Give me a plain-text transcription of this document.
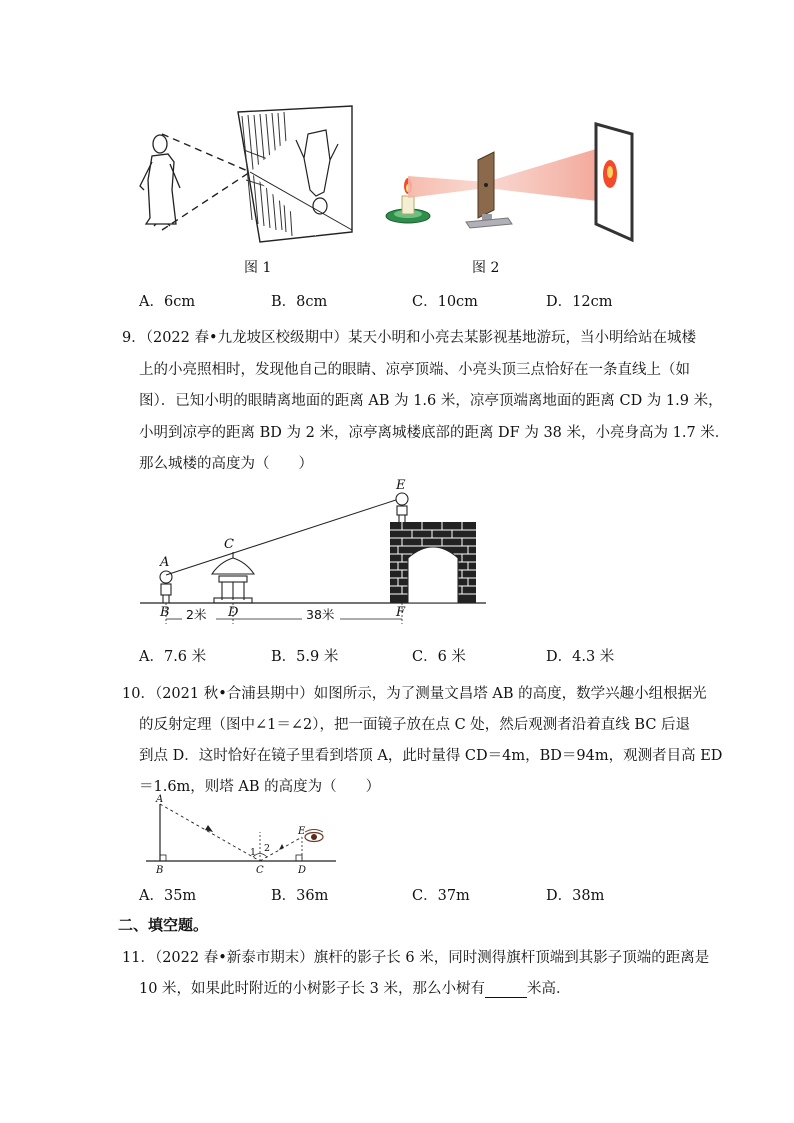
图 1	图 2
A．6cm	B．8cm	C．10cm	D．12cm
9．（2022 春•九龙坡区校级期中）某天小明和小亮去某影视基地游玩，当小明给站在城楼
上的小亮照相时，发现他自己的眼睛、凉亭顶端、小亮头顶三点恰好在一条直线上（如
图）．已知小明的眼睛离地面的距离 AB 为 1.6 米，凉亭顶端离地面的距离 CD 为 1.9 米，
小明到凉亭的距离 BD 为 2 米，凉亭离城楼底部的距离 DF 为 38 米，小亮身高为 1.7 米．
那么城楼的高度为（　　）
A
B
C
D
E
F
2米	38米
A．7.6 米	B．5.9 米	C．6 米	D．4.3 米
10．（2021 秋•合浦县期中）如图所示，为了测量文昌塔 AB 的高度，数学兴趣小组根据光
的反射定理（图中∠1＝∠2），把一面镜子放在点 C 处，然后观测者沿着直线 BC 后退
到点 D．这时恰好在镜子里看到塔顶 A，此时量得 CD＝4m，BD＝94m，观测者目高 ED
＝1.6m，则塔 AB 的高度为（　　）
A
B	C	D
E
1 2
A．35m	B．36m	C．37m	D．38m
二、填空题。
11．（2022 春•新泰市期末）旗杆的影子长 6 米，同时测得旗杆顶端到其影子顶端的距离是
10 米，如果此时附近的小树影子长 3 米，那么小树有	米高．
